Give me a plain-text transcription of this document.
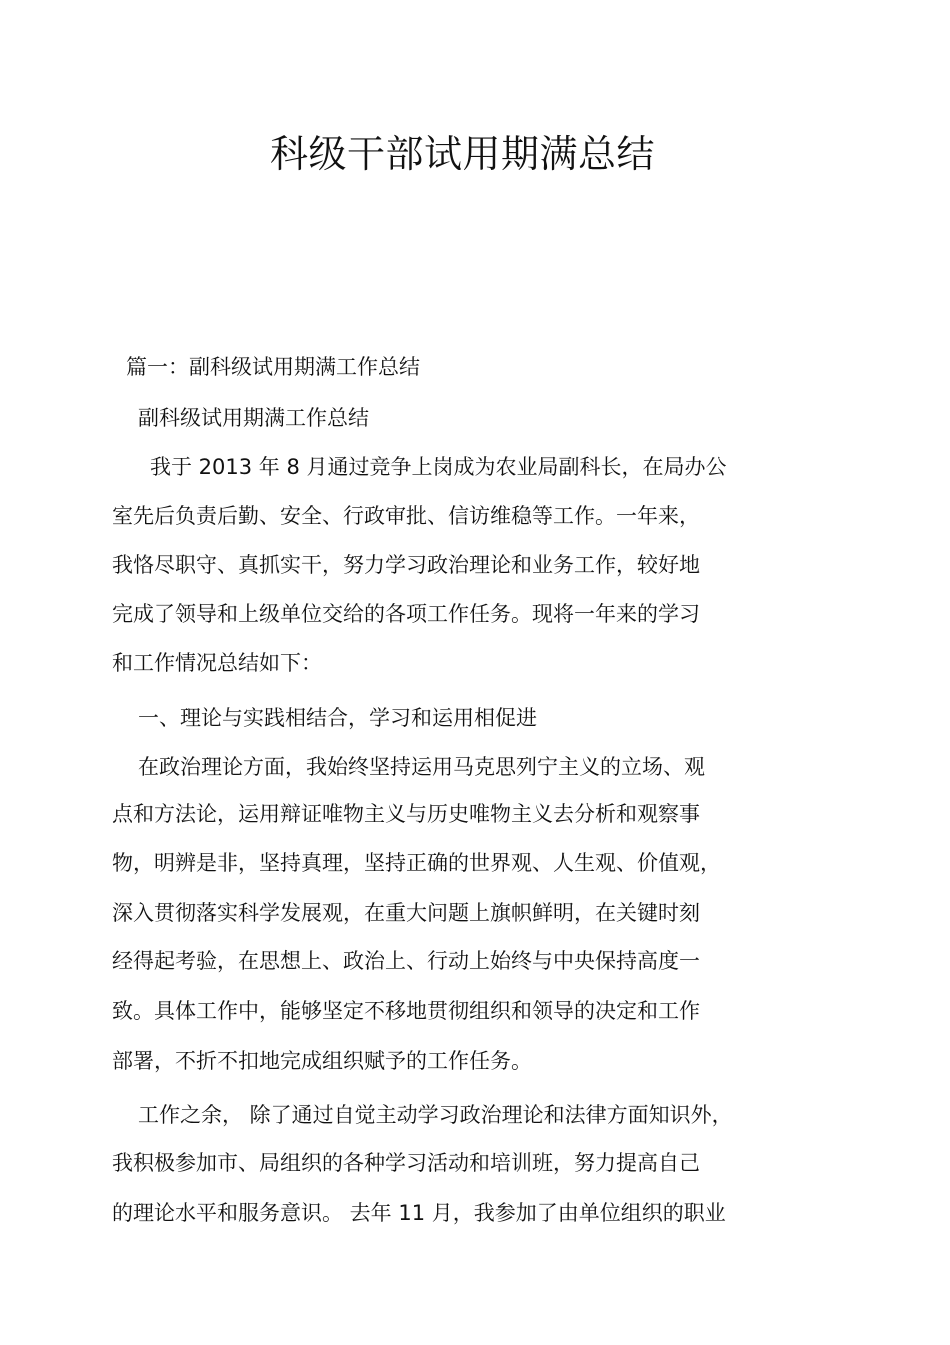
科级干部试用期满总结
篇一：副科级试用期满工作总结
副科级试用期满工作总结
我于 2013 年 8 月通过竞争上岗成为农业局副科长，在局办公
室先后负责后勤、安全、行政审批、信访维稳等工作。一年来，
我恪尽职守、真抓实干，努力学习政治理论和业务工作，较好地
完成了领导和上级单位交给的各项工作任务。现将一年来的学习
和工作情况总结如下：
一、理论与实践相结合，学习和运用相促进
在政治理论方面，我始终坚持运用马克思列宁主义的立场、观
点和方法论，运用辩证唯物主义与历史唯物主义去分析和观察事
物，明辨是非，坚持真理，坚持正确的世界观、人生观、价值观，
深入贯彻落实科学发展观，在重大问题上旗帜鲜明，在关键时刻
经得起考验，在思想上、政治上、行动上始终与中央保持高度一
致。具体工作中，能够坚定不移地贯彻组织和领导的决定和工作
部署，不折不扣地完成组织赋予的工作任务。
工作之余， 除了通过自觉主动学习政治理论和法律方面知识外，
我积极参加市、局组织的各种学习活动和培训班，努力提高自己
的理论水平和服务意识。 去年 11 月，我参加了由单位组织的职业
